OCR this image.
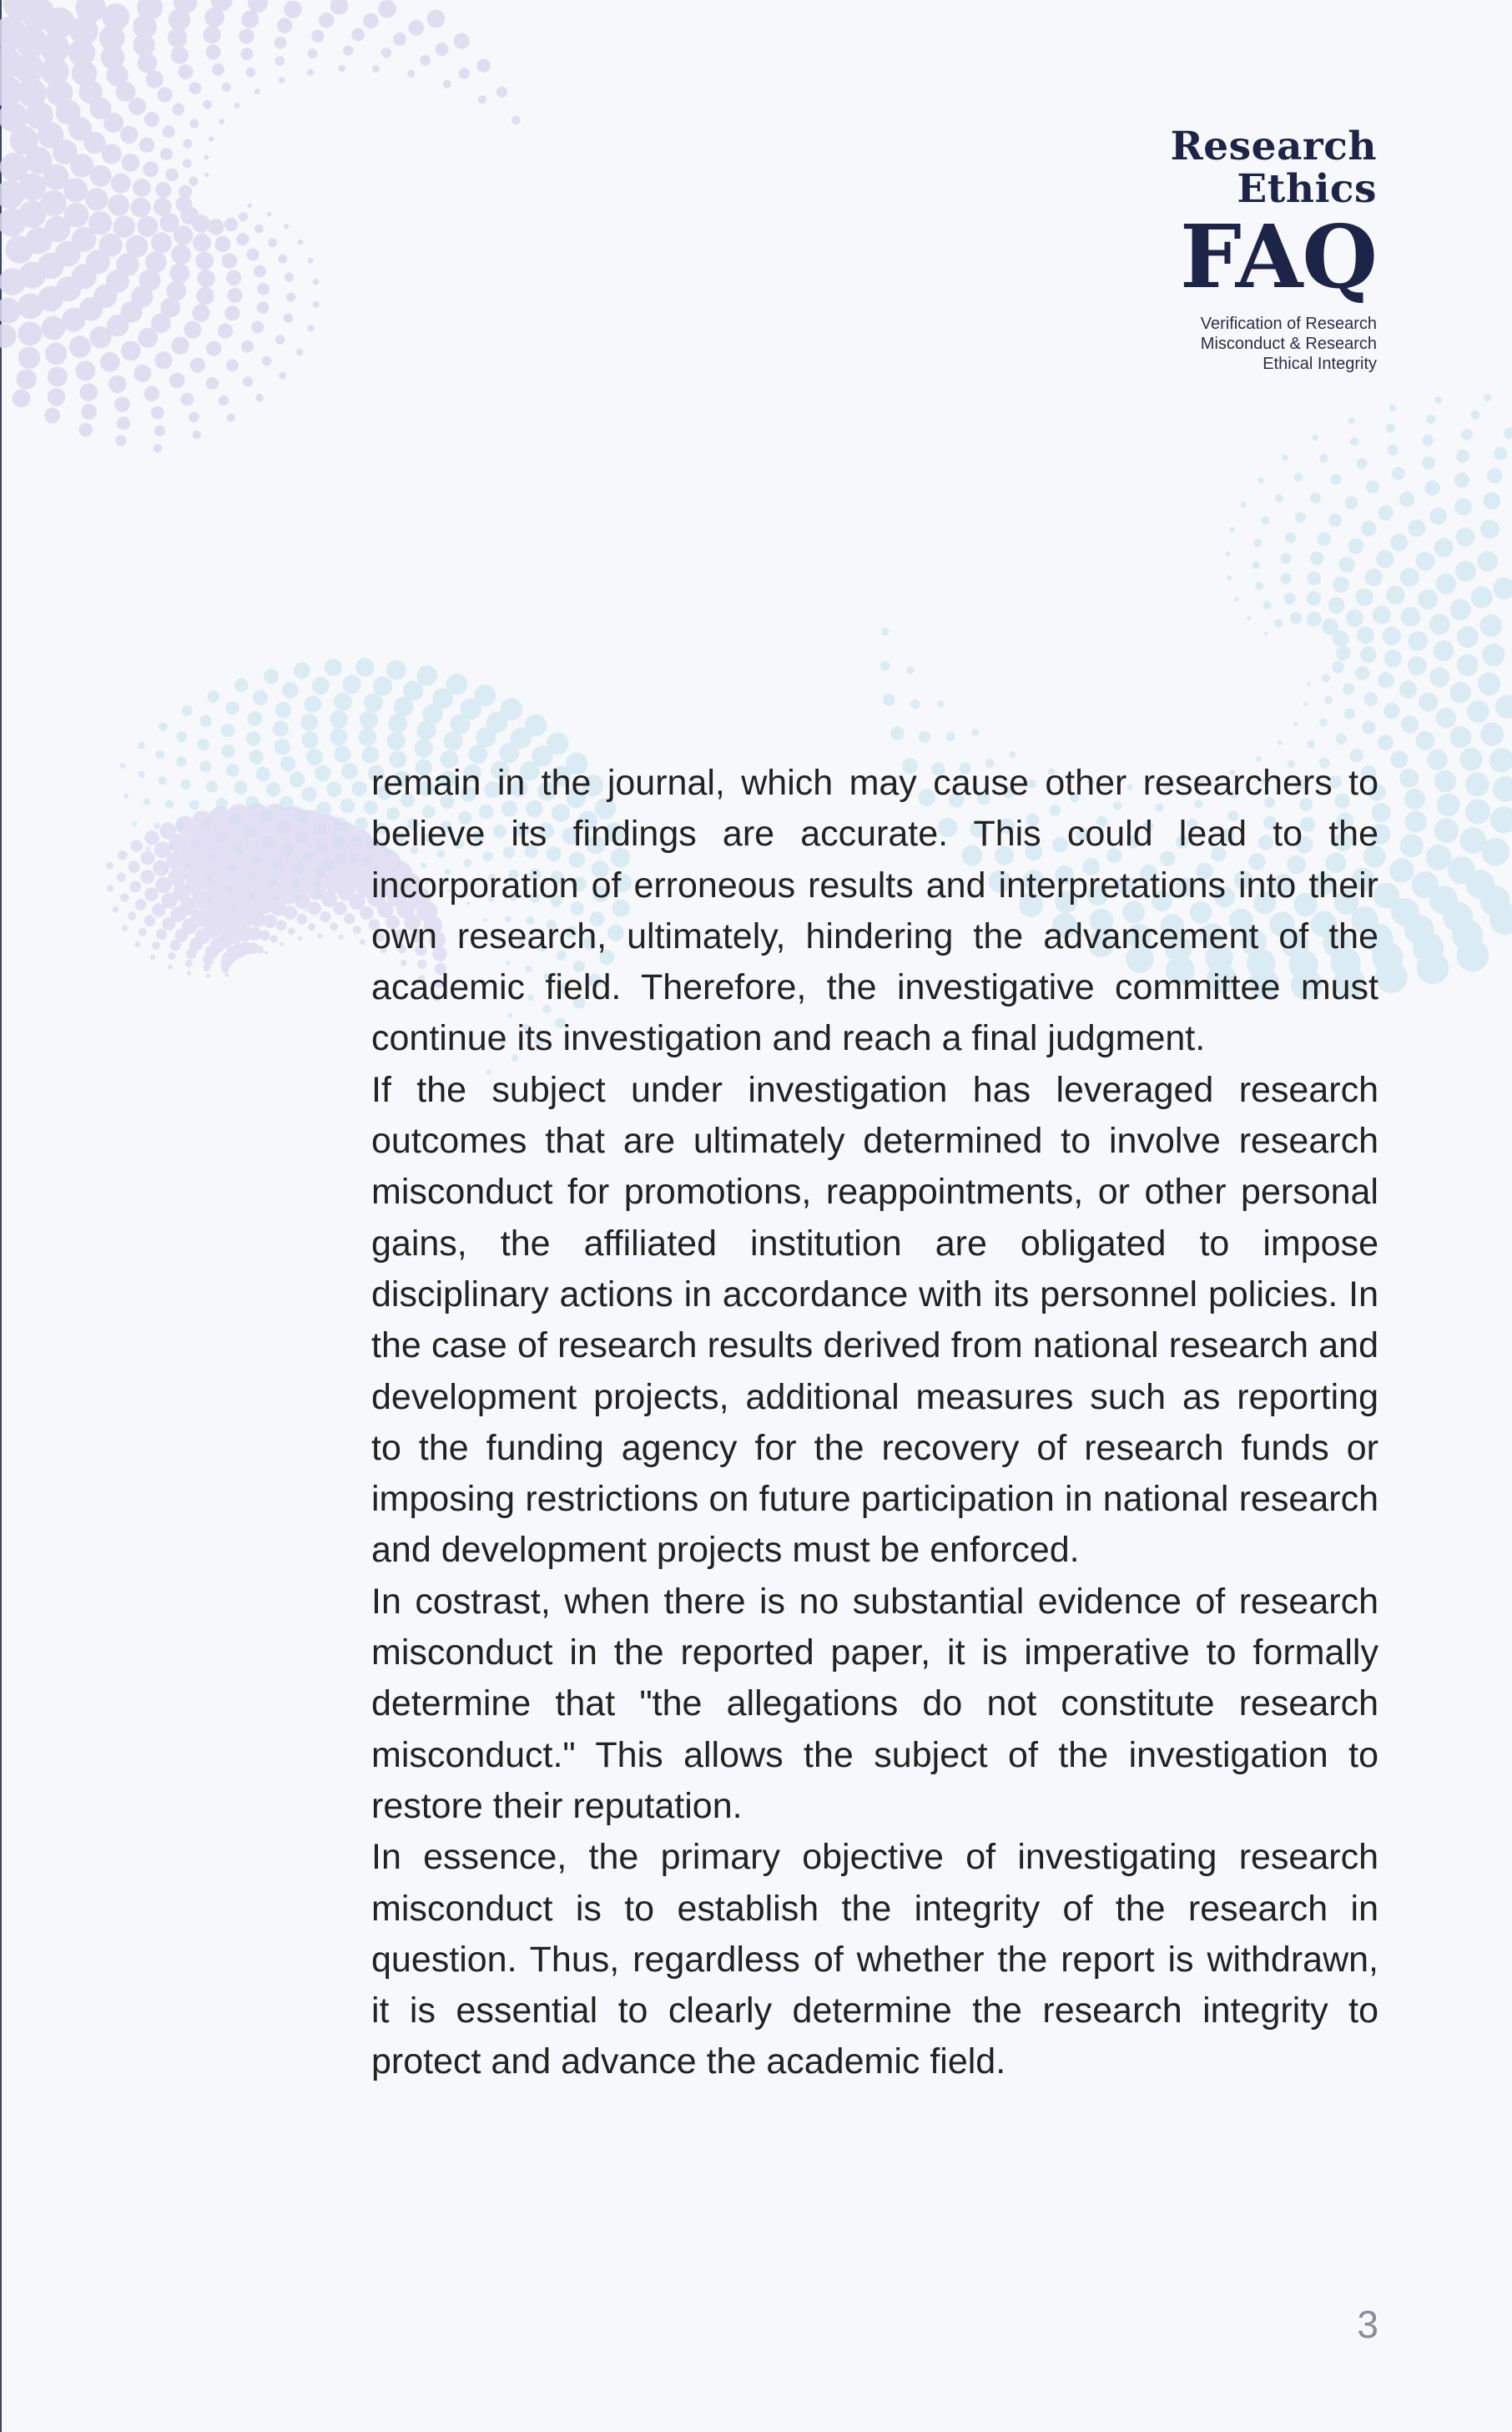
Research
Ethics
FAQ
Verification of Research
Misconduct & Research
Ethical Integrity

remain in the journal, which may cause other researchers to believe its findings are accurate. This could lead to the incorporation of erroneous results and interpretations into their own research, ultimately, hindering the advancement of the academic field. Therefore, the investigative committee must continue its investigation and reach a final judgment.

If the subject under investigation has leveraged research outcomes that are ultimately determined to involve research misconduct for promotions, reappointments, or other personal gains, the affiliated institution are obligated to impose disciplinary actions in accordance with its personnel policies. In the case of research results derived from national research and development projects, additional measures such as reporting to the funding agency for the recovery of research funds or imposing restrictions on future participation in national research and development projects must be enforced.

In costrast, when there is no substantial evidence of research misconduct in the reported paper, it is imperative to formally determine that "the allegations do not constitute research misconduct." This allows the subject of the investigation to restore their reputation.

In essence, the primary objective of investigating research misconduct is to establish the integrity of the research in question. Thus, regardless of whether the report is withdrawn, it is essential to clearly determine the research integrity to protect and advance the academic field.

3
